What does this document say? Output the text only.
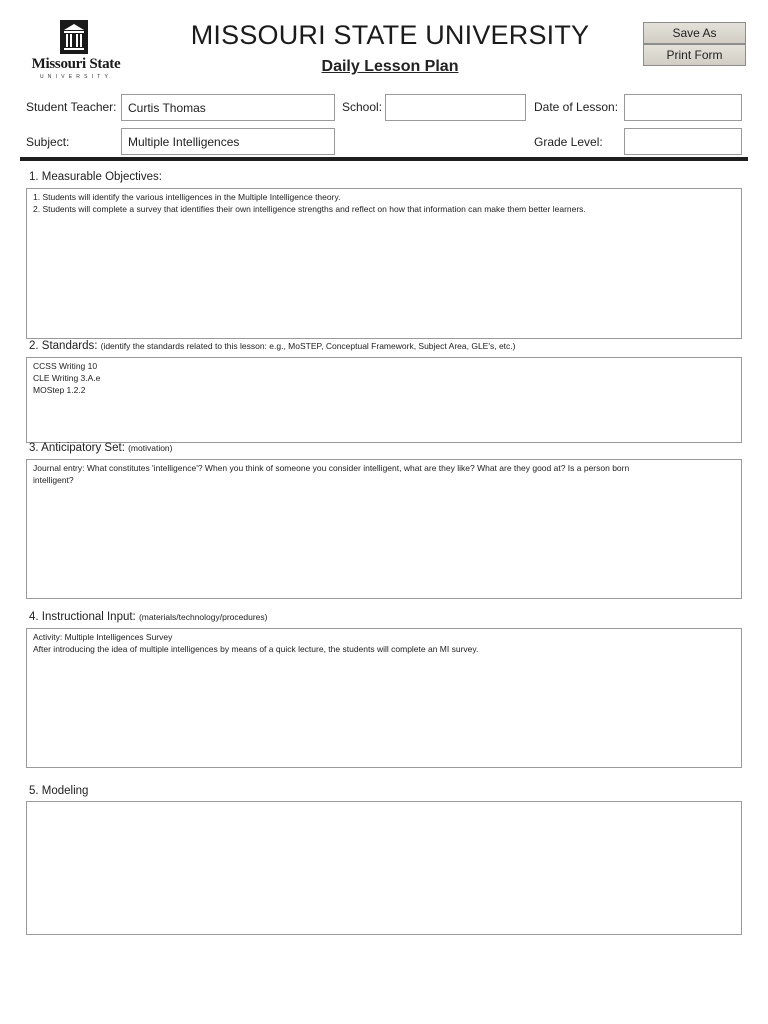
Missouri State
UNIVERSITY
MISSOURI STATE UNIVERSITY
Daily Lesson Plan
Save As
Print Form
Student Teacher: Curtis Thomas	School:	Date of Lesson:
Subject:	Multiple Intelligences	Grade Level:
1. Measurable Objectives:
1. Students will identify the various intelligences in the Multiple Intelligence theory.
2. Students will complete a survey that identifies their own intelligence strengths and reflect on how that information can make them better learners.
2. Standards: (identify the standards related to this lesson: e.g., MoSTEP, Conceptual Framework, Subject Area, GLE's, etc.)
CCSS Writing 10
CLE Writing 3.A.e
MOStep 1.2.2
3. Anticipatory Set: (motivation)
Journal entry: What constitutes 'intelligence'? When you think of someone you consider intelligent, what are they like? What are they good at? Is a person born
intelligent?
4. Instructional Input: (materials/technology/procedures)
Activity: Multiple Intelligences Survey
After introducing the idea of multiple intelligences by means of a quick lecture, the students will complete an MI survey.
5. Modeling
